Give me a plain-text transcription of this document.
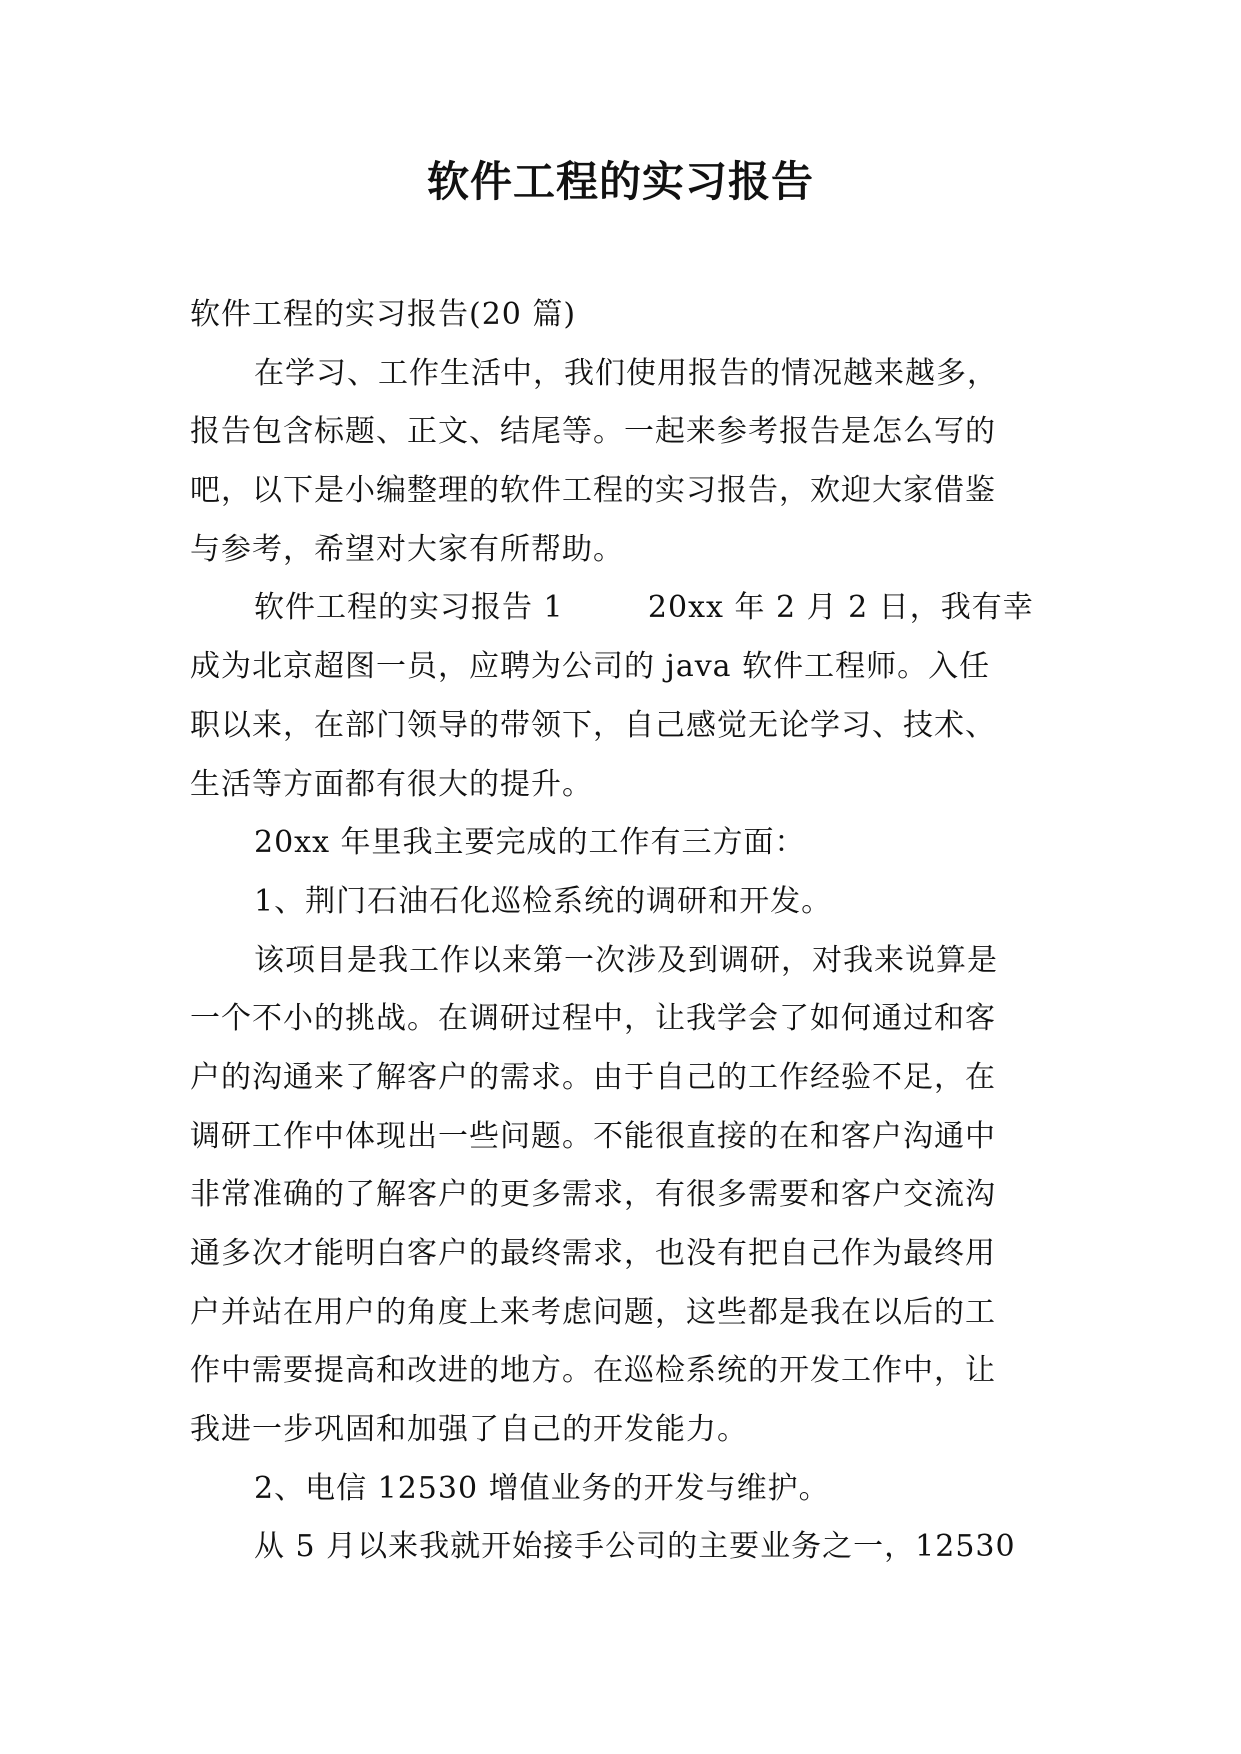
软件工程的实习报告
软件工程的实习报告(20 篇)
在学习、工作生活中，我们使用报告的情况越来越多，
报告包含标题、正文、结尾等。一起来参考报告是怎么写的
吧，以下是小编整理的软件工程的实习报告，欢迎大家借鉴
与参考，希望对大家有所帮助。
软件工程的实习报告 1        20xx 年 2 月 2 日，我有幸
成为北京超图一员，应聘为公司的 java 软件工程师。入任
职以来，在部门领导的带领下，自己感觉无论学习、技术、
生活等方面都有很大的提升。
20xx 年里我主要完成的工作有三方面：
1、荆门石油石化巡检系统的调研和开发。
该项目是我工作以来第一次涉及到调研，对我来说算是
一个不小的挑战。在调研过程中，让我学会了如何通过和客
户的沟通来了解客户的需求。由于自己的工作经验不足，在
调研工作中体现出一些问题。不能很直接的在和客户沟通中
非常准确的了解客户的更多需求，有很多需要和客户交流沟
通多次才能明白客户的最终需求，也没有把自己作为最终用
户并站在用户的角度上来考虑问题，这些都是我在以后的工
作中需要提高和改进的地方。在巡检系统的开发工作中，让
我进一步巩固和加强了自己的开发能力。
2、电信 12530 增值业务的开发与维护。
从 5 月以来我就开始接手公司的主要业务之一，12530
